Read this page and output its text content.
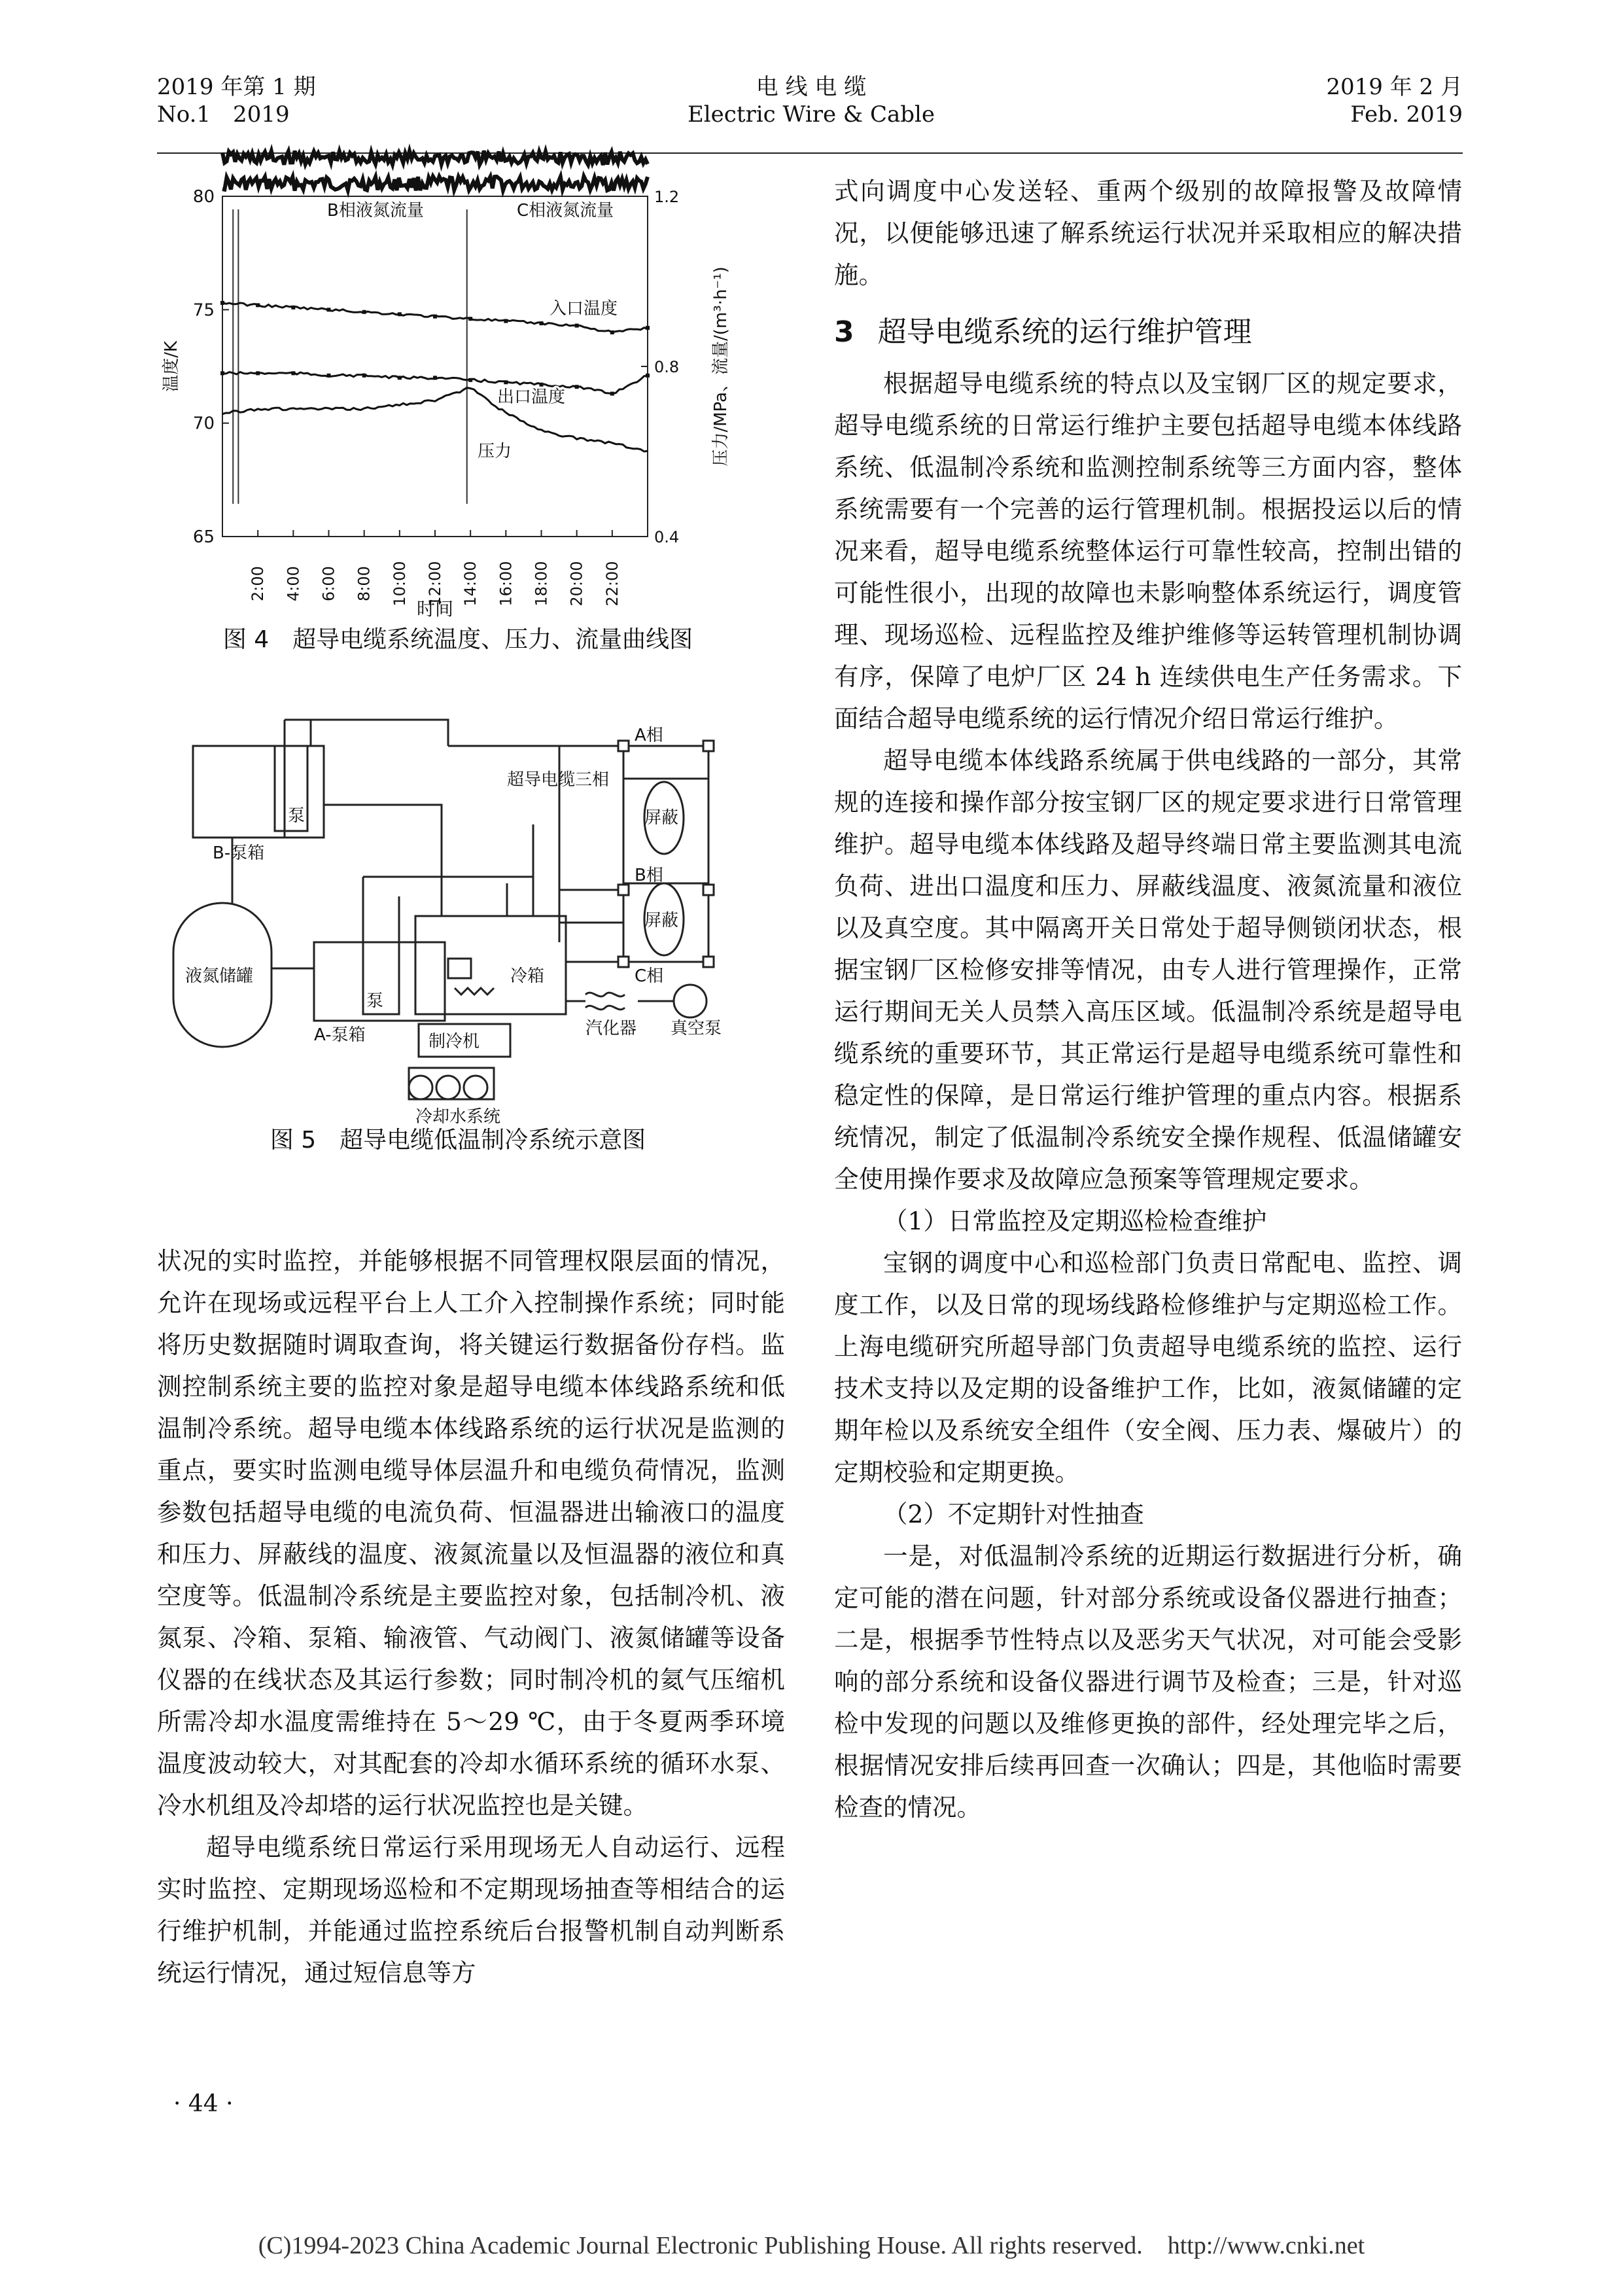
2019 年第 1 期
No.1　2019
电 线 电 缆
Electric Wire & Cable
2019 年 2 月
Feb. 2019
65
70
75
80
0.4
0.8
1.2
2:00 4:00 6:00 8:00 10:00 12:00 14:00 16:00 18:00 20:00 22:00
时间
温度/K	压力/MPa、流量/(m³·h⁻¹)
B相液氮流量	C相液氮流量
入口温度
出口温度
压力
图 4　超导电缆系统温度、压力、流量曲线图
泵
B-泵箱
泵
A-泵箱
液氮储罐	冷箱
制冷机
冷却水系统
汽化器 真空泵
超导电缆三相
A相
B相
C相
屏蔽
屏蔽
图 5　超导电缆低温制冷系统示意图

状况的实时监控，并能够根据不同管理权限层面的情况，允许在现场或远程平台上人工介入控制操作系统；同时能将历史数据随时调取查询，将关键运行数据备份存档。监测控制系统主要的监控对象是超导电缆本体线路系统和低温制冷系统。超导电缆本体线路系统的运行状况是监测的重点，要实时监测电缆导体层温升和电缆负荷情况，监测参数包括超导电缆的电流负荷、恒温器进出输液口的温度和压力、屏蔽线的温度、液氮流量以及恒温器的液位和真空度等。低温制冷系统是主要监控对象，包括制冷机、液氮泵、冷箱、泵箱、输液管、气动阀门、液氮储罐等设备仪器的在线状态及其运行参数；同时制冷机的氦气压缩机所需冷却水温度需维持在 5～29 ℃，由于冬夏两季环境温度波动较大，对其配套的冷却水循环系统的循环水泵、冷水机组及冷却塔的运行状况监控也是关键。

超导电缆系统日常运行采用现场无人自动运行、远程实时监控、定期现场巡检和不定期现场抽查等相结合的运行维护机制，并能通过监控系统后台报警机制自动判断系统运行情况，通过短信息等方

式向调度中心发送轻、重两个级别的故障报警及故障情况，以便能够迅速了解系统运行状况并采取相应的解决措施。

3 超导电缆系统的运行维护管理

根据超导电缆系统的特点以及宝钢厂区的规定要求，超导电缆系统的日常运行维护主要包括超导电缆本体线路系统、低温制冷系统和监测控制系统等三方面内容，整体系统需要有一个完善的运行管理机制。根据投运以后的情况来看，超导电缆系统整体运行可靠性较高，控制出错的可能性很小，出现的故障也未影响整体系统运行，调度管理、现场巡检、远程监控及维护维修等运转管理机制协调有序，保障了电炉厂区 24 h 连续供电生产任务需求。下面结合超导电缆系统的运行情况介绍日常运行维护。

超导电缆本体线路系统属于供电线路的一部分，其常规的连接和操作部分按宝钢厂区的规定要求进行日常管理维护。超导电缆本体线路及超导终端日常主要监测其电流负荷、进出口温度和压力、屏蔽线温度、液氮流量和液位以及真空度。其中隔离开关日常处于超导侧锁闭状态，根据宝钢厂区检修安排等情况，由专人进行管理操作，正常运行期间无关人员禁入高压区域。低温制冷系统是超导电缆系统的重要环节，其正常运行是超导电缆系统可靠性和稳定性的保障，是日常运行维护管理的重点内容。根据系统情况，制定了低温制冷系统安全操作规程、低温储罐安全使用操作要求及故障应急预案等管理规定要求。

（1）日常监控及定期巡检检查维护

宝钢的调度中心和巡检部门负责日常配电、监控、调度工作，以及日常的现场线路检修维护与定期巡检工作。上海电缆研究所超导部门负责超导电缆系统的监控、运行技术支持以及定期的设备维护工作，比如，液氮储罐的定期年检以及系统安全组件（安全阀、压力表、爆破片）的定期校验和定期更换。

（2）不定期针对性抽查

一是，对低温制冷系统的近期运行数据进行分析，确定可能的潜在问题，针对部分系统或设备仪器进行抽查；二是，根据季节性特点以及恶劣天气状况，对可能会受影响的部分系统和设备仪器进行调节及检查；三是，针对巡检中发现的问题以及维修更换的部件，经处理完毕之后，根据情况安排后续再回查一次确认；四是，其他临时需要检查的情况。

· 44 ·
(C)1994-2023 China Academic Journal Electronic Publishing House. All rights reserved.　http://www.cnki.net
